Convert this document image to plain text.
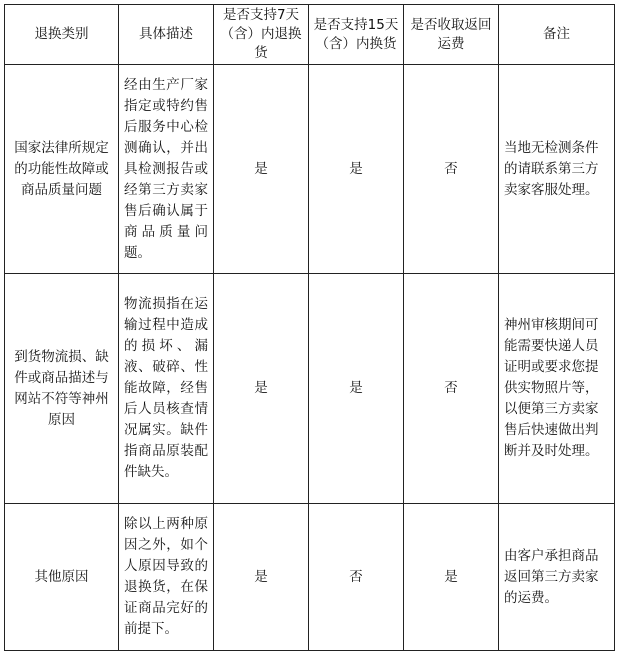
退换类别	具体描述	是否支持7天（含）内退换货	是否支持15天（含）内换货	是否收取返回运费	备注
国家法律所规定的功能性故障或商品质量问题	经由生产厂家指定或特约售后服务中心检测确认，并出具检测报告或经第三方卖家售后确认属于商品质量问题。	是	是	否	当地无检测条件的请联系第三方卖家客服处理。
到货物流损、缺件或商品描述与网站不符等神州原因	物流损指在运输过程中造成的损坏、漏液、破碎、性能故障，经售后人员核查情况属实。缺件指商品原装配件缺失。	是	是	否	神州审核期间可能需要快递人员证明或要求您提供实物照片等，以便第三方卖家售后快速做出判断并及时处理。
其他原因	除以上两种原因之外，如个人原因导致的退换货，在保证商品完好的前提下。	是	否	是	由客户承担商品返回第三方卖家的运费。
